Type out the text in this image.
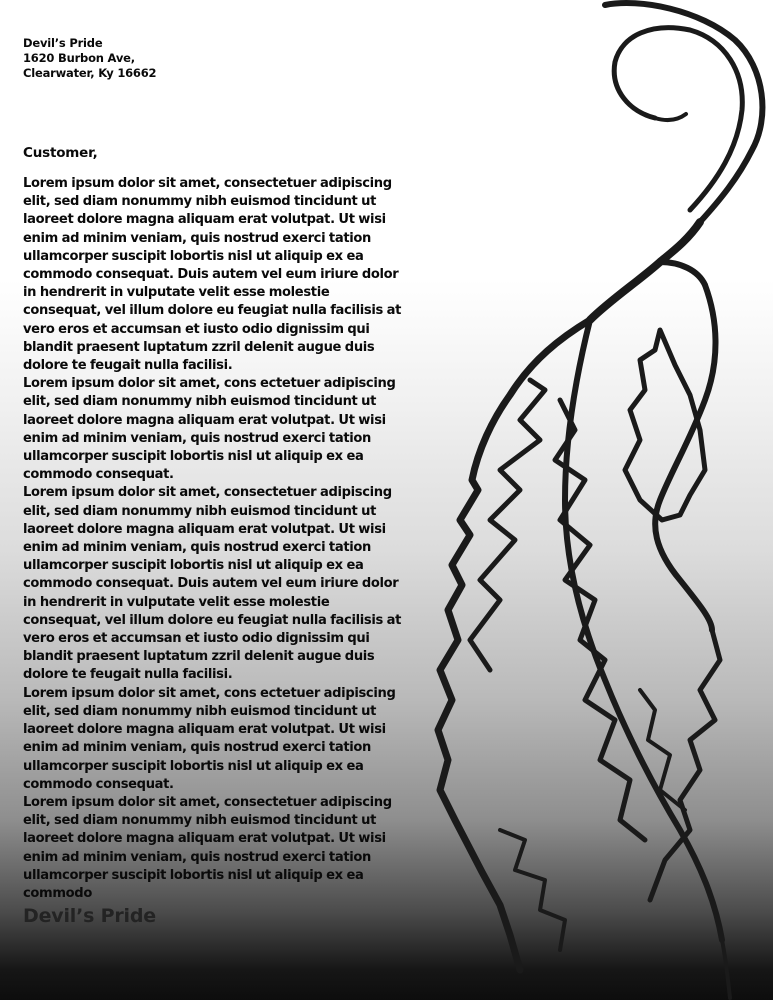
Devil’s Pride
1620 Burbon Ave,
Clearwater, Ky 16662
Customer,

Lorem ipsum dolor sit amet, consectetuer adipiscing elit, sed diam nonummy nibh euismod tincidunt ut laoreet dolore magna aliquam erat volutpat. Ut wisi enim ad minim veniam, quis nostrud exerci tation ullamcorper suscipit lobortis nisl ut aliquip ex ea commodo consequat. Duis autem vel eum iriure dolor in hendrerit in vulputate velit esse molestie consequat, vel illum dolore eu feugiat nulla facilisis at vero eros et accumsan et iusto odio dignissim qui blandit praesent luptatum zzril delenit augue duis dolore te feugait nulla facilisi.

Lorem ipsum dolor sit amet, cons ectetuer adipiscing elit, sed diam nonummy nibh euismod tincidunt ut laoreet dolore magna aliquam erat volutpat. Ut wisi enim ad minim veniam, quis nostrud exerci tation ullamcorper suscipit lobortis nisl ut aliquip ex ea commodo consequat.

Lorem ipsum dolor sit amet, consectetuer adipiscing elit, sed diam nonummy nibh euismod tincidunt ut laoreet dolore magna aliquam erat volutpat. Ut wisi enim ad minim veniam, quis nostrud exerci tation ullamcorper suscipit lobortis nisl ut aliquip ex ea commodo consequat. Duis autem vel eum iriure dolor in hendrerit in vulputate velit esse molestie consequat, vel illum dolore eu feugiat nulla facilisis at vero eros et accumsan et iusto odio dignissim qui blandit praesent luptatum zzril delenit augue duis dolore te feugait nulla facilisi.

Lorem ipsum dolor sit amet, cons ectetuer adipiscing elit, sed diam nonummy nibh euismod tincidunt ut laoreet dolore magna aliquam erat volutpat. Ut wisi enim ad minim veniam, quis nostrud exerci tation ullamcorper suscipit lobortis nisl ut aliquip ex ea commodo consequat.

Lorem ipsum dolor sit amet, consectetuer adipiscing elit, sed diam nonummy nibh euismod tincidunt ut laoreet dolore magna aliquam erat volutpat. Ut wisi enim ad minim veniam, quis nostrud exerci tation ullamcorper suscipit lobortis nisl ut aliquip ex ea commodo

Devil’s Pride
